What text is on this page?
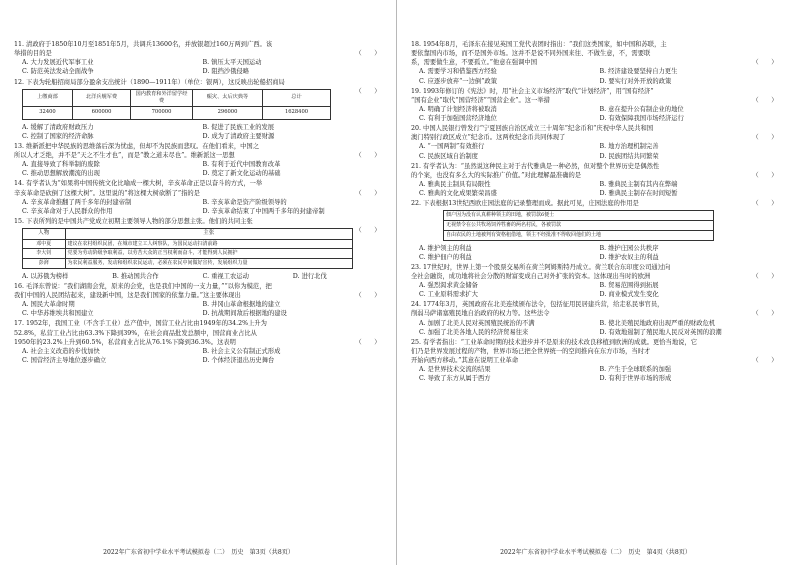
11. 清政府于1850年10月至1851年5月，共调兵13600名，并放银超过160万两到广西。该
举措的目的是	（　　）
A. 大力发展近代军事工业	B. 镇压太平天国运动
C. 防范英法发动全面战争	D. 阻挡沙俄侵略
12. 下表为轮船招商局部分盈余支出统计（1890—1911年）（单位：银两），这反映出轮船招商局
（　　）
上缴商部	北洋兵舰军费	国内教育和外洋留学经费	赈灾、太后庆典等	总计
32400	600000	700000	296000	1628400
A. 缓解了清政府财政压力	B. 促进了民族工业的发展
C. 控制了国家的经济命脉	D. 成为了清政府主要财源
13. 维新派把中华民族的思维落后深为忧虑，但却不为民族而悲叹。在他们看来，中国之
所以人才乏绝，并不是“天之不生才也”，而是“教之道未尽也”。维新派这一思想	（　　）
A. 直接导致了科举制的废除	B. 有利于近代中国教育改革
C. 推动思想解放潮流的出现	D. 奠定了新文化运动的基础
14. 有学者认为“如果将中国传统文化比喻成一棵大树，辛亥革命正是以奋斗的方式，一举
辛亥革命是砍倒了这棵大树”。这里说的“将这棵大树砍断了”指的是	（　　）
A. 辛亥革命推翻了两千多年的封建帝制	B. 辛亥革命是资产阶级领导的
C. 辛亥革命对于人民群众的作用	D. 辛亥革命结束了中国两千多年的封建帝制
15. 下表所列的是中国共产党成立初期主要领导人物的部分思想主张。他们的共同主张
（　　）
人物	主张
邓中夏	建议在农村组织民团，在城市建立工人纠察队，为国民运动扫清前路
李大钊	党要为劳动阶级争取利益，以劳苦大众的正当权利而奋斗，才能得到人民拥护
彭湃	为农民利益服务，发动和组织农民运动，必须在农民中间做好宣传，发展组织力量
A. 以苏俄为榜样	B. 推动国共合作	C. 重视工农运动	D. 进行北伐
16. 毛泽东曾说：“我们湖南会党，原来的会党，也是我们中国的一支力量，”“以你为模范，把
我们中国的人民团结起来，建设新中国，这是我们国家的依靠力量。”这主要体现出	（　　）
A. 国民大革命时期	B. 井冈山革命根据地的建立
C. 中华苏维埃共和国建立	D. 抗战期间敌后根据地的建设
17. 1952年，我国工业（不含手工业）总产值中，国营工业占比由1949年的34.2%上升为
52.8%，私营工业占比由63.3%下降到39%，在社会商品批发总额中，国营商业占比从
1950年的23.2%上升到60.5%，私营商业占比从76.1%下降到36.3%。这表明	（　　）
A. 社会主义改造的步伐加快	B. 社会主义公有制正式形成
C. 国营经济主导地位逐步确立	D. 个体经济退出历史舞台
2022年广东省初中学业水平考试模拟卷（二）　历史　第3页（共8页）
18. 1954年8月，毛泽东在接见英国工党代表团时指出：“我们这类国家，如中国和苏联，主
要依靠国内市场，而不是国外市场。这并不是说不同外国来往、不做生意，不，需要联
系，需要做生意，不要孤立。”他意在强调中国	（　　）
A. 需要学习和借鉴西方经验	B. 经济建设要坚持自力更生
C. 应逐步放弃“一边倒”政策	D. 要实行对外开放的政策
19. 1993年修订的《宪法》时，用“社会主义市场经济”取代“计划经济”，用“国有经济”
“国有企业”取代“国营经济”“国营企业”。这一举措	（　　）
A. 明确了计划经济将被取消	B. 意在提升公有制企业的地位
C. 有利于加强国营经济地位	D. 有效保障我国市场经济运行
20. 中国人民银行曾发行“宁夏回族自治区成立三十周年”纪念币和“庆祝中华人民共和国
澳门特别行政区成立”纪念币。这两枚纪念币共同体现了	（　　）
A. “一国两制”有效推行	B. 地方治理机制完善
C. 民族区域自治制度	D. 民族团结共同繁荣
21. 有学者认为：“虽然说这种民主对于古代雅典是一种必然，但对整个世界历史是偶然性
的个案，也没有多么大的实际推广价值。”对此理解最准确的是	（　　）
A. 雅典民主制具有局限性	B. 雅典民主制有其内在弊端
C. 雅典的文化成果繁荣昌盛	D. 雅典民主制存在时间短暂
22. 下表根据13世纪西欧庄园法庭的记录整理而成。据此可见，庄园法庭的作用是	（　　）
佃户因为没有认真耕种领主的田地，被罚款6便士
无视禁令在公共牧场饲养牲畜的两名村民，各被罚款
自由农民的土地被判有资格租借地，领主不经批准不得收回他们的土地
A. 维护领主的利益	B. 维护庄园公共秩序
C. 维护佃户的利益	D. 维护农奴主的利益
23. 17世纪时，世界上第一个股票交易所在荷兰阿姆斯特丹成立。荷兰联合东印度公司通过向
全社会融资，成功地将社会分散的财富变成自己对外扩张的资本。这体现出当时的欧洲	（　　）
A. 强烈渴求黄金储备	B. 贸易范围得到拓展
C. 工业原料需求扩大	D. 商业模式发生变化
24. 1774年3月，英国政府在北美连续颁布法令，包括征用民居建兵营，给走私民事官员，
削弱马萨诸塞殖民地自治政府的权力等。这些法令	（　　）
A. 加剧了北美人民对英国殖民统治的不满	B. 使北美殖民地政府出现严重的财政危机
C. 加强了北美各地人民的经济贸易往来	D. 有效地遏制了殖民地人民反对英国的浪潮
25. 有学者指出：“工业革命时期的技术进步并不是原来的技术改良移植到欧洲的成就。更恰当地说，它
们乃是世界发展过程的产物，世界市场已把全世界统一的空间推向在东方市场，当时才
开始向西方移动。”其意在说明工业革命	（　　）
A. 是世界技术交流的结果	B. 产生于全球联系的加强
C. 导致了东方从属于西方	D. 有利于世界市场的形成
2022年广东省初中学业水平考试模拟卷（二）　历史　第4页（共8页）
